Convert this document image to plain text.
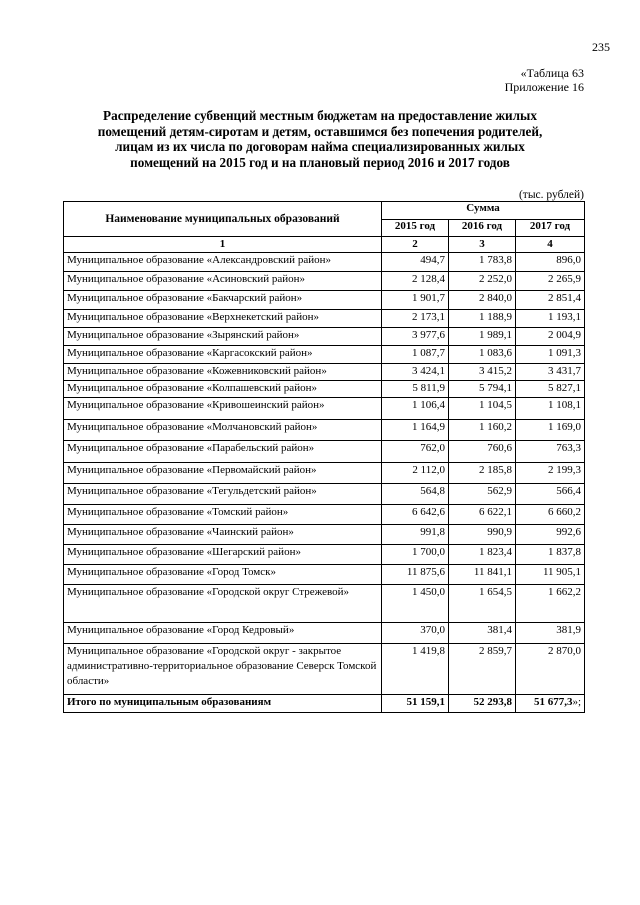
235
«Таблица 63
Приложение 16
Распределение субвенций местным бюджетам на предоставление жилых
помещений детям-сиротам и детям, оставшимся без попечения родителей,
лицам из их числа по договорам найма специализированных жилых
помещений на 2015 год и на плановый период 2016 и 2017 годов
(тыс. рублей)
Наименование муниципальных образований	Сумма		
	2015 год	2016 год	2017 год
1	2	3	4
Муниципальное образование «Александровский район»	494,7	1 783,8	896,0
Муниципальное образование «Асиновский район»	2 128,4	2 252,0	2 265,9
Муниципальное образование «Бакчарский район»	1 901,7	2 840,0	2 851,4
Муниципальное образование «Верхнекетский район»	2 173,1	1 188,9	1 193,1
Муниципальное образование «Зырянский район»	3 977,6	1 989,1	2 004,9
Муниципальное образование «Каргасокский район»	1 087,7	1 083,6	1 091,3
Муниципальное образование «Кожевниковский район»	3 424,1	3 415,2	3 431,7
Муниципальное образование «Колпашевский район»	5 811,9	5 794,1	5 827,1
Муниципальное образование «Кривошеинский район»	1 106,4	1 104,5	1 108,1
Муниципальное образование «Молчановский район»	1 164,9	1 160,2	1 169,0
Муниципальное образование «Парабельский район»	762,0	760,6	763,3
Муниципальное образование «Первомайский район»	2 112,0	2 185,8	2 199,3
Муниципальное образование «Тегульдетский район»	564,8	562,9	566,4
Муниципальное образование «Томский район»	6 642,6	6 622,1	6 660,2
Муниципальное образование «Чаинский район»	991,8	990,9	992,6
Муниципальное образование «Шегарский район»	1 700,0	1 823,4	1 837,8
Муниципальное образование «Город Томск»	11 875,6	11 841,1	11 905,1
Муниципальное образование «Городской округ Стрежевой»	1 450,0	1 654,5	1 662,2
Муниципальное образование «Город Кедровый»	370,0	381,4	381,9
Муниципальное образование «Городской округ - закрытое административно-территориальное образование Северск Томской области»	1 419,8	2 859,7	2 870,0
Итого по муниципальным образованиям	51 159,1	52 293,8	51 677,3»;
